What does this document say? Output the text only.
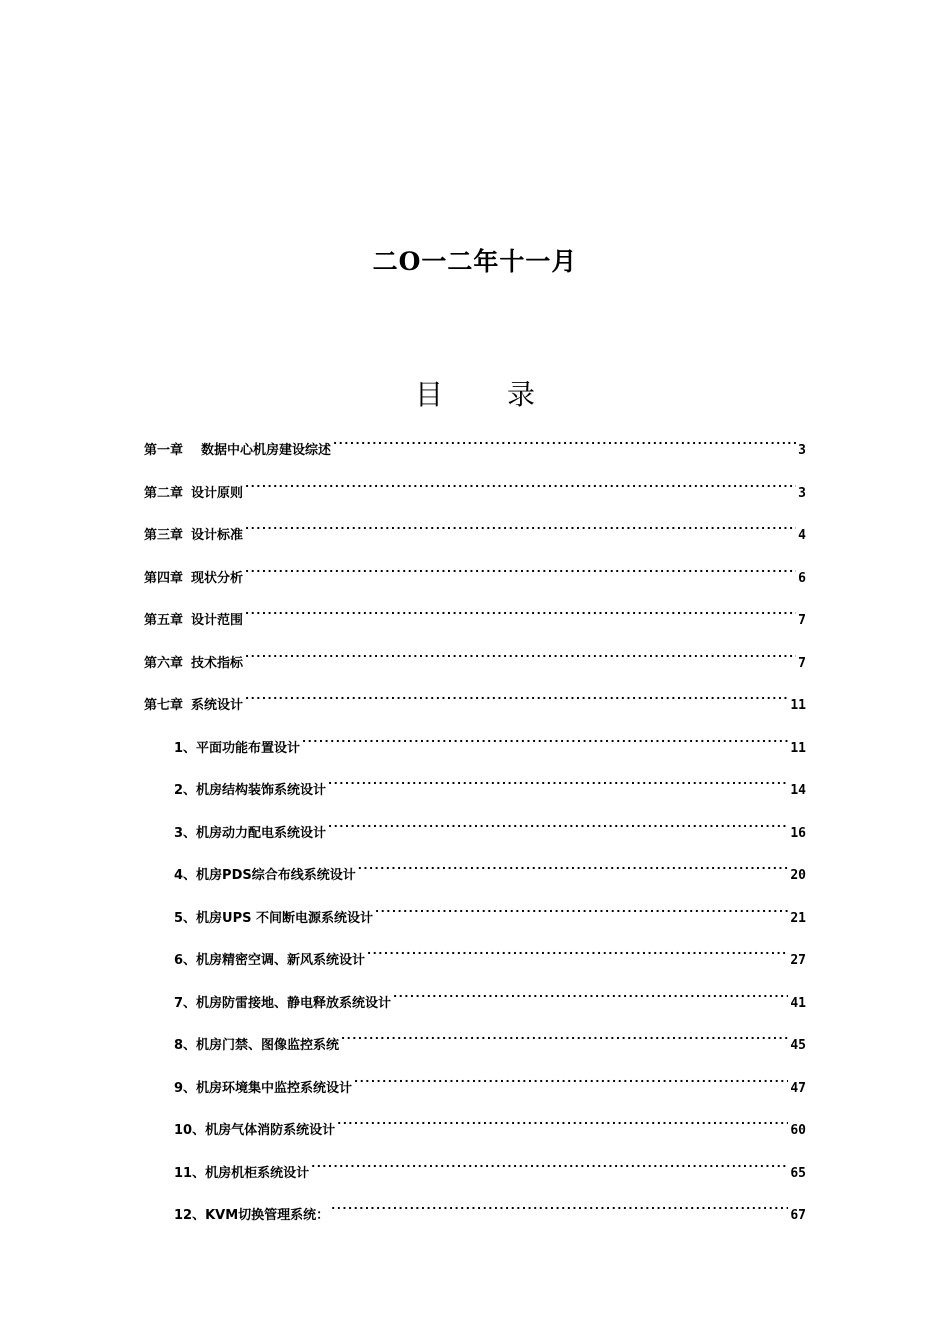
二O一二年十一月
目 录
第一章 数据中心机房建设综述 . . .	3
第二章 设计原则 . . .	3
第三章 设计标准 . . .	4
第四章 现状分析 . . .	6
第五章 设计范围 . . .	7
第六章 技术指标 . . .	7
第七章 系统设计 . . .	11
1、平面功能布置设计 . . .	11
2、机房结构装饰系统设计 . . .	14
3、机房动力配电系统设计 . . .	16
4、机房PDS综合布线系统设计 . . .	20
5、机房UPS 不间断电源系统设计 . . .	21
6、机房精密空调、新风系统设计 . . .	27
7、机房防雷接地、静电释放系统设计 . . .	41
8、机房门禁、图像监控系统 . . .	45
9、机房环境集中监控系统设计 . . .	47
10、机房气体消防系统设计 . . .	60
11、机房机柜系统设计 . . .	65
12、KVM切换管理系统： . . .	67
